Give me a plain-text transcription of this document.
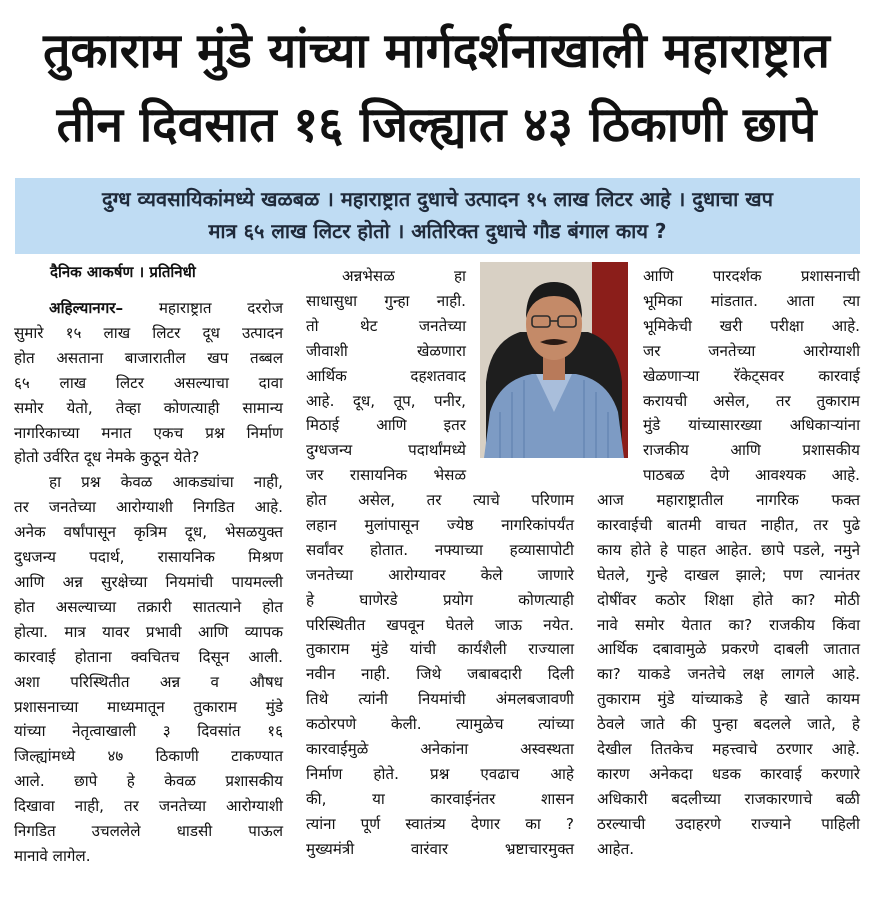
तुकाराम मुंडे यांच्या मार्गदर्शनाखाली महाराष्ट्रात
तीन दिवसात १६ जिल्ह्यात ४३ ठिकाणी छापे
दुग्ध व्यवसायिकांमध्ये खळबळ । महाराष्ट्रात दुधाचे उत्पादन १५ लाख लिटर आहे । दुधाचा खप
मात्र ६५ लाख लिटर होतो । अतिरिक्त दुधाचे गौड बंगाल काय ?
दैनिक आकर्षण । प्रतिनिधी

अहिल्यानगर– महाराष्ट्रात दररोज

सुमारे १५ लाख लिटर दूध उत्पादन

होत असताना बाजारातील खप तब्बल

६५ लाख लिटर असल्याचा दावा

समोर येतो, तेव्हा कोणत्याही सामान्य

नागरिकाच्या मनात एकच प्रश्न निर्माण

होतो उर्वरित दूध नेमके कुठून येते?

हा प्रश्न केवळ आकड्यांचा नाही,

तर जनतेच्या आरोग्याशी निगडित आहे.

अनेक वर्षांपासून कृत्रिम दूध, भेसळयुक्त

दुधजन्य पदार्थ, रासायनिक मिश्रण

आणि अन्न सुरक्षेच्या नियमांची पायमल्ली

होत असल्याच्या तक्रारी सातत्याने होत

होत्या. मात्र यावर प्रभावी आणि व्यापक

कारवाई होताना क्वचितच दिसून आली.

अशा परिस्थितीत अन्न व औषध

प्रशासनाच्या माध्यमातून तुकाराम मुंडे

यांच्या नेतृत्वाखाली ३ दिवसांत १६

जिल्ह्यांमध्ये ४७ ठिकाणी टाकण्यात

आले. छापे हे केवळ प्रशासकीय

दिखावा नाही, तर जनतेच्या आरोग्याशी

निगडित उचललेले धाडसी पाऊल

मानावे लागेल.

अन्नभेसळ हा

साधासुधा गुन्हा नाही.

तो थेट जनतेच्या

जीवाशी खेळणारा

आर्थिक दहशतवाद

आहे. दूध, तूप, पनीर,

मिठाई आणि इतर

दुग्धजन्य पदार्थांमध्ये

जर रासायनिक भेसळ

होत असेल, तर त्याचे परिणाम

लहान मुलांपासून ज्येष्ठ नागरिकांपर्यंत

सर्वांवर होतात. नफ्याच्या हव्यासापोटी

जनतेच्या आरोग्यावर केले जाणारे

हे घाणेरडे प्रयोग कोणत्याही

परिस्थितीत खपवून घेतले जाऊ नयेत.

तुकाराम मुंडे यांची कार्यशैली राज्याला

नवीन नाही. जिथे जबाबदारी दिली

तिथे त्यांनी नियमांची अंमलबजावणी

कठोरपणे केली. त्यामुळेच त्यांच्या

कारवाईमुळे अनेकांना अस्वस्थता

निर्माण होते. प्रश्न एवढाच आहे

की, या कारवाईनंतर शासन

त्यांना पूर्ण स्वातंत्र्य देणार का ?

मुख्यमंत्री वारंवार भ्रष्टाचारमुक्त

आणि पारदर्शक प्रशासनाची

भूमिका मांडतात. आता त्या

भूमिकेची खरी परीक्षा आहे.

जर जनतेच्या आरोग्याशी

खेळणाऱ्या रॅकेट्सवर कारवाई

करायची असेल, तर तुकाराम

मुंडे यांच्यासारख्या अधिकाऱ्यांना

राजकीय आणि प्रशासकीय

पाठबळ देणे आवश्यक आहे.

आज महाराष्ट्रातील नागरिक फक्त

कारवाईची बातमी वाचत नाहीत, तर पुढे

काय होते हे पाहत आहेत. छापे पडले, नमुने

घेतले, गुन्हे दाखल झाले; पण त्यानंतर

दोषींवर कठोर शिक्षा होते का? मोठी

नावे समोर येतात का? राजकीय किंवा

आर्थिक दबावामुळे प्रकरणे दाबली जातात

का? याकडे जनतेचे लक्ष लागले आहे.

तुकाराम मुंडे यांच्याकडे हे खाते कायम

ठेवले जाते की पुन्हा बदलले जाते, हे

देखील तितकेच महत्त्वाचे ठरणार आहे.

कारण अनेकदा धडक कारवाई करणारे

अधिकारी बदलीच्या राजकारणाचे बळी

ठरल्याची उदाहरणे राज्याने पाहिली

आहेत.
